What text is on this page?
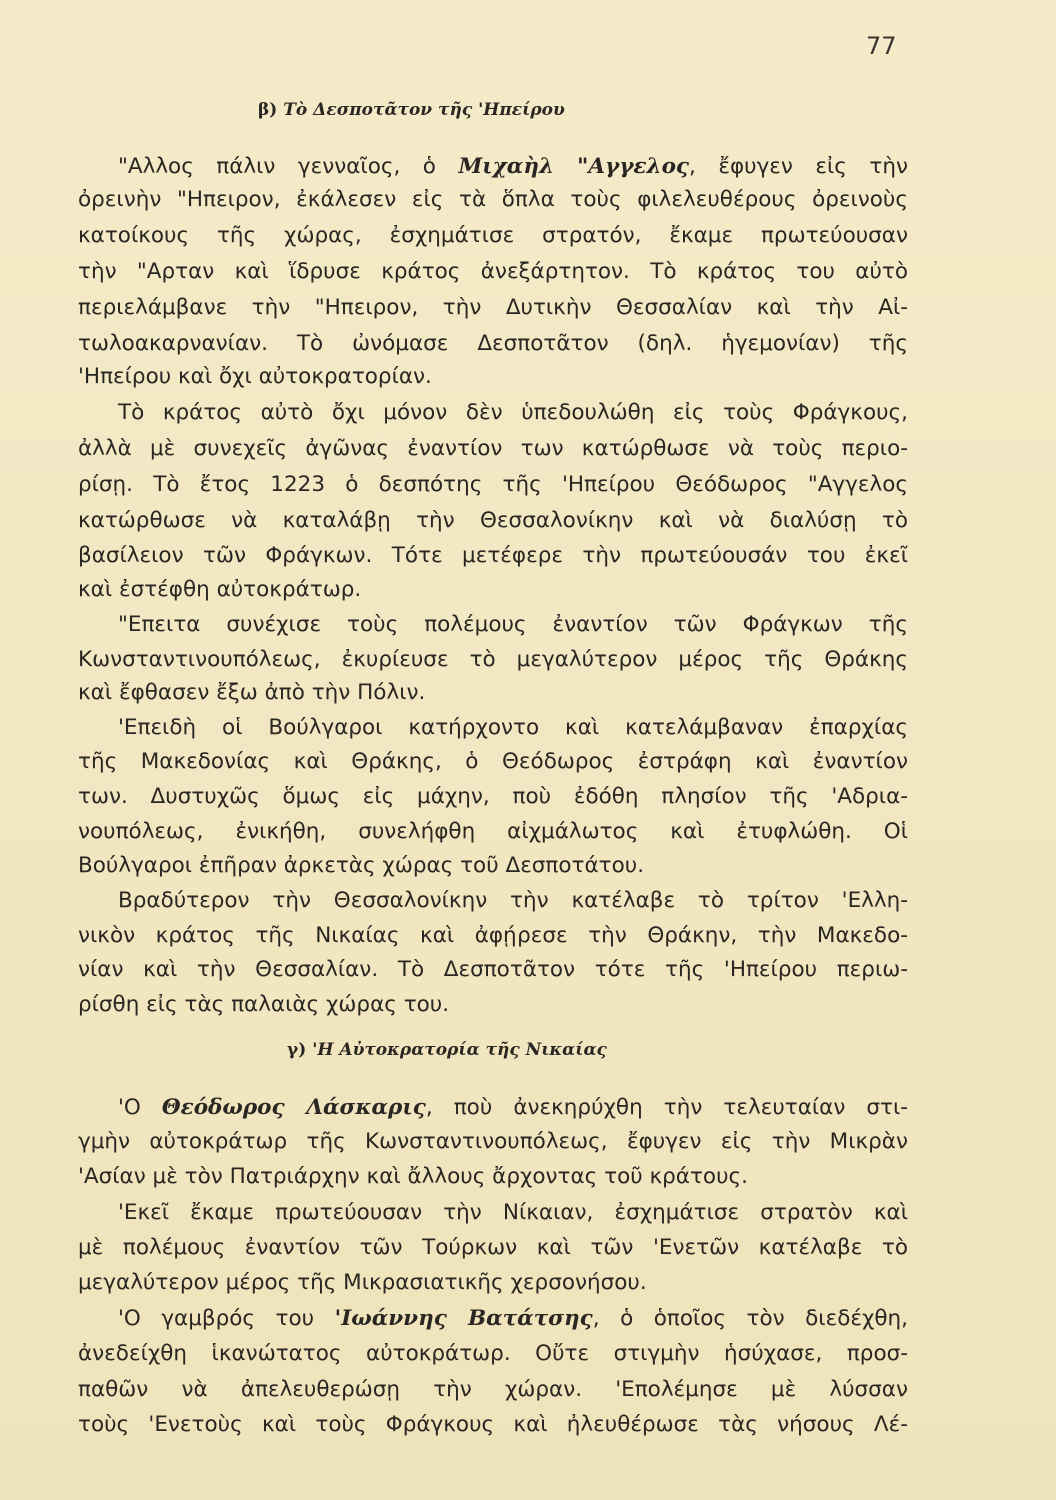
77
β) Τὸ Δεσποτᾶτον τῆς 'Ηπείρου
γ) 'Η Αὐτοκρατορία τῆς Νικαίας
"Αλλος πάλιν γενναῖος, ὁ Μιχαὴλ "Αγγελος, ἔφυγεν εἰς τὴν
ὀρεινὴν "Ηπειρον, ἐκάλεσεν εἰς τὰ ὅπλα τοὺς φιλελευθέρους ὀρεινοὺς
κατοίκους τῆς χώρας, ἐσχημάτισε στρατόν, ἔκαμε πρωτεύουσαν
τὴν "Αρταν καὶ ἵδρυσε κράτος ἀνεξάρτητον. Τὸ κράτος του αὐτὸ
περιελάμβανε τὴν "Ηπειρον, τὴν Δυτικὴν Θεσσαλίαν καὶ τὴν Αἰ-
τωλοακαρνανίαν. Τὸ ὠνόμασε Δεσποτᾶτον (δηλ. ἡγεμονίαν) τῆς
'Ηπείρου καὶ ὄχι αὐτοκρατορίαν.
Τὸ κράτος αὐτὸ ὄχι μόνον δὲν ὑπεδουλώθη εἰς τοὺς Φράγκους,
ἀλλὰ μὲ συνεχεῖς ἀγῶνας ἐναντίον των κατώρθωσε νὰ τοὺς περιο-
ρίσῃ. Τὸ ἔτος 1223 ὁ δεσπότης τῆς 'Ηπείρου Θεόδωρος "Αγγελος
κατώρθωσε νὰ καταλάβῃ τὴν Θεσσαλονίκην καὶ νὰ διαλύσῃ τὸ
βασίλειον τῶν Φράγκων. Τότε μετέφερε τὴν πρωτεύουσάν του ἐκεῖ
καὶ ἐστέφθη αὐτοκράτωρ.
"Επειτα συνέχισε τοὺς πολέμους ἐναντίον τῶν Φράγκων τῆς
Κωνσταντινουπόλεως, ἐκυρίευσε τὸ μεγαλύτερον μέρος τῆς Θράκης
καὶ ἔφθασεν ἔξω ἀπὸ τὴν Πόλιν.
'Επειδὴ οἱ Βούλγαροι κατήρχοντο καὶ κατελάμβαναν ἐπαρχίας
τῆς Μακεδονίας καὶ Θράκης, ὁ Θεόδωρος ἐστράφη καὶ ἐναντίον
των. Δυστυχῶς ὅμως εἰς μάχην, ποὺ ἐδόθη πλησίον τῆς 'Αδρια-
νουπόλεως, ἐνικήθη, συνελήφθη αἰχμάλωτος καὶ ἐτυφλώθη. Οἱ
Βούλγαροι ἐπῆραν ἀρκετὰς χώρας τοῦ Δεσποτάτου.
Βραδύτερον τὴν Θεσσαλονίκην τὴν κατέλαβε τὸ τρίτον 'Ελλη-
νικὸν κράτος τῆς Νικαίας καὶ ἀφῄρεσε τὴν Θράκην, τὴν Μακεδο-
νίαν καὶ τὴν Θεσσαλίαν. Τὸ Δεσποτᾶτον τότε τῆς 'Ηπείρου περιω-
ρίσθη εἰς τὰς παλαιὰς χώρας του.
'Ο Θεόδωρος Λάσκαρις, ποὺ ἀνεκηρύχθη τὴν τελευταίαν στι-
γμὴν αὐτοκράτωρ τῆς Κωνσταντινουπόλεως, ἔφυγεν εἰς τὴν Μικρὰν
'Ασίαν μὲ τὸν Πατριάρχην καὶ ἄλλους ἄρχοντας τοῦ κράτους.
'Εκεῖ ἔκαμε πρωτεύουσαν τὴν Νίκαιαν, ἐσχημάτισε στρατὸν καὶ
μὲ πολέμους ἐναντίον τῶν Τούρκων καὶ τῶν 'Ενετῶν κατέλαβε τὸ
μεγαλύτερον μέρος τῆς Μικρασιατικῆς χερσονήσου.
'Ο γαμβρός του 'Ιωάννης Βατάτσης, ὁ ὁποῖος τὸν διεδέχθη,
ἀνεδείχθη ἱκανώτατος αὐτοκράτωρ. Οὔτε στιγμὴν ἡσύχασε, προσ-
παθῶν νὰ ἀπελευθερώσῃ τὴν χώραν. 'Επολέμησε μὲ λύσσαν
τοὺς 'Ενετοὺς καὶ τοὺς Φράγκους καὶ ἠλευθέρωσε τὰς νήσους Λέ-
